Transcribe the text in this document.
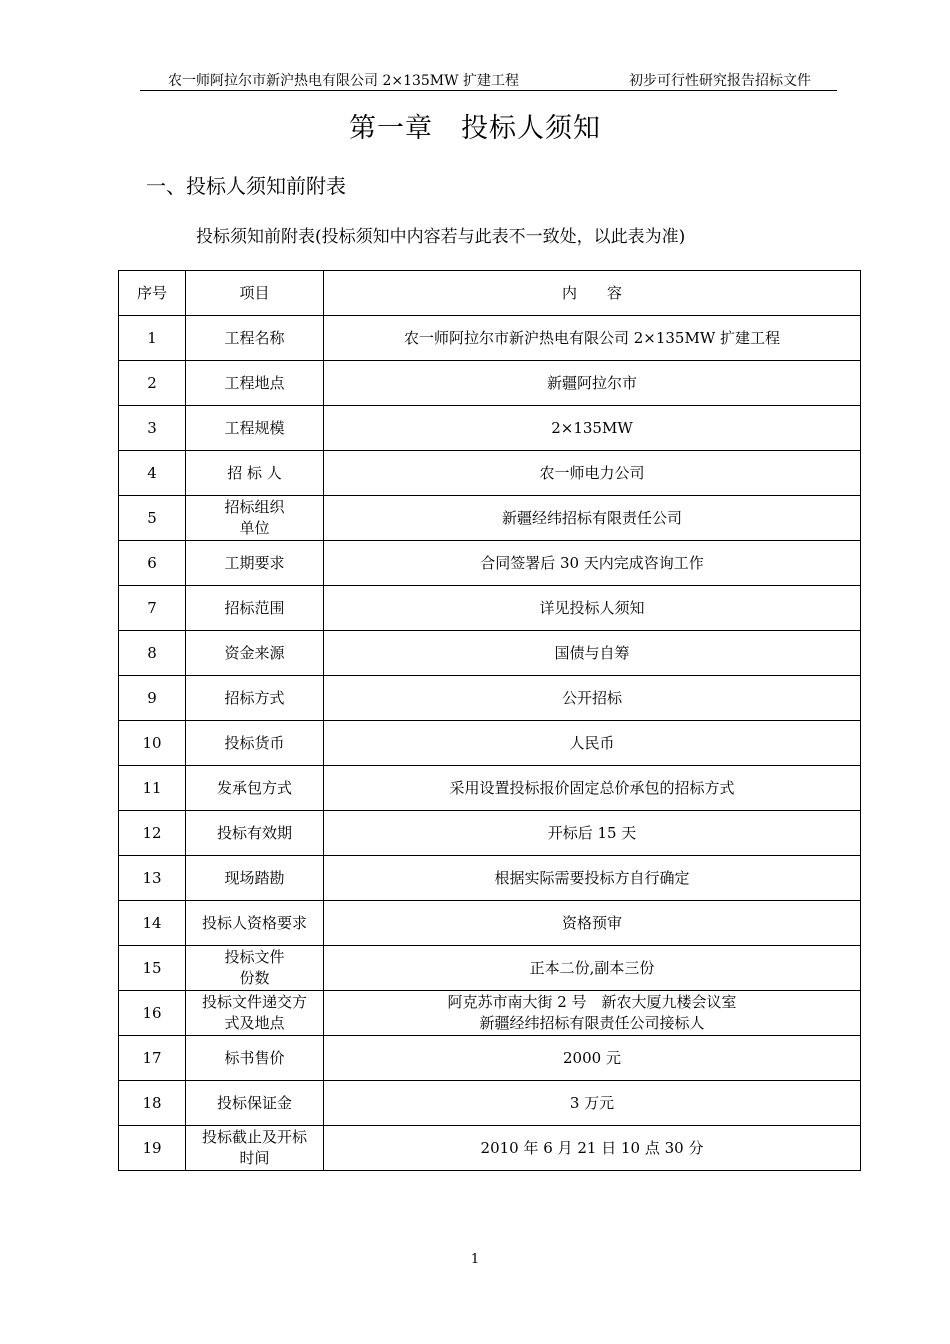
农一师阿拉尔市新沪热电有限公司 2×135MW 扩建工程	初步可行性研究报告招标文件
第一章　投标人须知
一、投标人须知前附表
投标须知前附表(投标须知中内容若与此表不一致处，以此表为准)
序号	项目	内　　容
1	工程名称	农一师阿拉尔市新沪热电有限公司 2×135MW 扩建工程
2	工程地点	新疆阿拉尔市
3	工程规模	2×135MW
4	招 标 人	农一师电力公司
5	招标组织
单位	新疆经纬招标有限责任公司
6	工期要求	合同签署后 30 天内完成咨询工作
7	招标范围	详见投标人须知
8	资金来源	国债与自筹
9	招标方式	公开招标
10	投标货币	人民币
11	发承包方式	采用设置投标报价固定总价承包的招标方式
12	投标有效期	开标后 15 天
13	现场踏勘	根据实际需要投标方自行确定
14	投标人资格要求	资格预审
15	投标文件
份数	正本二份,副本三份
16	投标文件递交方
式及地点	阿克苏市南大街 2 号　新农大厦九楼会议室
新疆经纬招标有限责任公司接标人
17	标书售价	2000 元
18	投标保证金	3 万元
19	投标截止及开标
时间	2010 年 6 月 21 日 10 点 30 分
1
